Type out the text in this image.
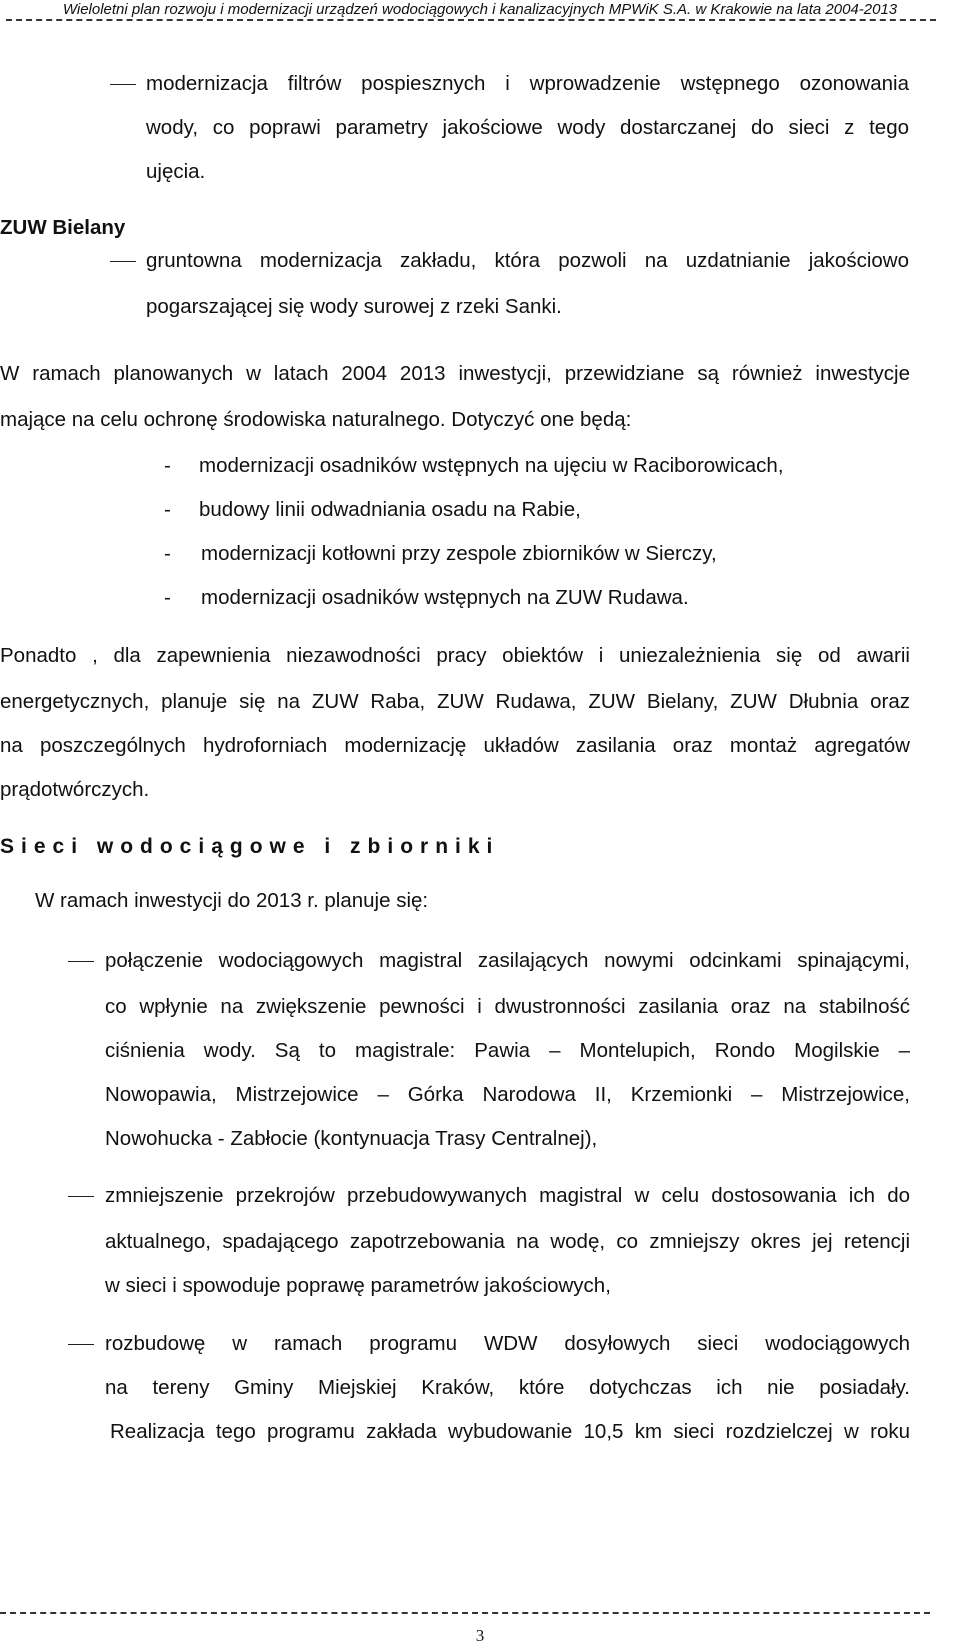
Wieloletni plan rozwoju i modernizacji urządzeń wodociągowych i kanalizacyjnych MPWiK S.A. w Krakowie na lata 2004-2013
modernizacja filtrów pospiesznych i wprowadzenie wstępnego ozonowania
wody, co poprawi parametry jakościowe wody dostarczanej do sieci z tego
ujęcia.
ZUW Bielany
gruntowna modernizacja zakładu, która pozwoli na uzdatnianie jakościowo
pogarszającej się wody surowej z rzeki Sanki.
W ramach planowanych w latach 2004 2013 inwestycji, przewidziane są również inwestycje
mające na celu ochronę środowiska naturalnego. Dotyczyć one będą:
- modernizacji osadników wstępnych na ujęciu w Raciborowicach,
- budowy linii odwadniania osadu na Rabie,
- modernizacji kotłowni przy zespole zbiorników w Sierczy,
- modernizacji osadników wstępnych na ZUW Rudawa.
Ponadto , dla zapewnienia niezawodności pracy obiektów i uniezależnienia się od awarii
energetycznych, planuje się na ZUW Raba, ZUW Rudawa, ZUW Bielany, ZUW Dłubnia oraz
na poszczególnych hydroforniach modernizację układów zasilania oraz montaż agregatów
prądotwórczych.
Sieci wodociągowe i zbiorniki
W ramach inwestycji do 2013 r. planuje się:
połączenie wodociągowych magistral zasilających nowymi odcinkami spinającymi,
co wpłynie na zwiększenie pewności i dwustronności zasilania oraz na stabilność
ciśnienia wody. Są to magistrale: Pawia – Montelupich, Rondo Mogilskie –
Nowopawia, Mistrzejowice – Górka Narodowa II, Krzemionki – Mistrzejowice,
Nowohucka - Zabłocie (kontynuacja Trasy Centralnej),
zmniejszenie przekrojów przebudowywanych magistral w celu dostosowania ich do
aktualnego, spadającego zapotrzebowania na wodę, co zmniejszy okres jej retencji
w sieci i spowoduje poprawę parametrów jakościowych,
rozbudowę w ramach programu WDW dosyłowych sieci wodociągowych
na tereny Gminy Miejskiej Kraków, które dotychczas ich nie posiadały.
Realizacja tego programu zakłada wybudowanie 10,5 km sieci rozdzielczej w roku
3
